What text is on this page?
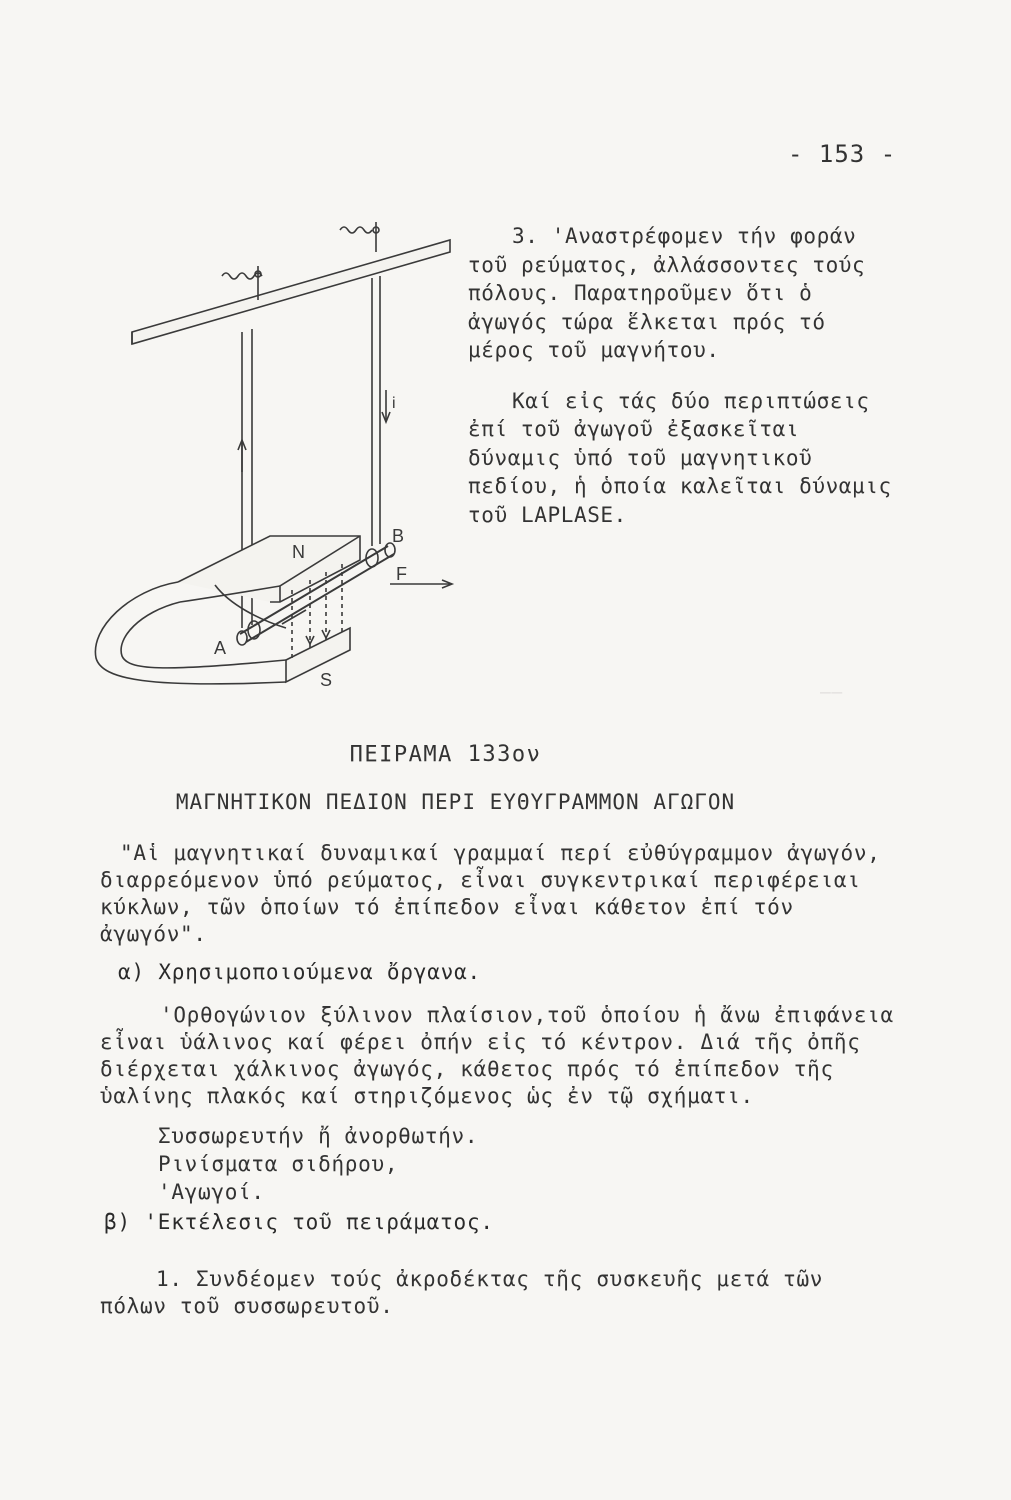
- 153 -
N
S
A
B
F
i

3. 'Αναστρέφομεν τήν φοράν τοῦ ρεύματος, ἀλλάσσοντες τούς πόλους. Παρατηροῦμεν ὅτι ὁ ἀγωγός τώρα ἕλκεται πρός τό μέρος τοῦ μαγνήτου.

Καί εἰς τάς δύο περιπτώσεις ἐπί τοῦ ἀγωγοῦ ἐξασκεῖται δύναμις ὑπό τοῦ μαγνητικοῦ πεδίου, ἡ ὁποία καλεῖται δύναμις τοῦ LAPLASE.

——
ΠΕΙΡΑΜΑ 133ον
ΜΑΓΝΗΤΙΚΟΝ ΠΕΔΙΟΝ ΠΕΡΙ ΕΥΘΥΓΡΑΜΜΟΝ ΑΓΩΓΟΝ

"Αἱ μαγνητικαί δυναμικαί γραμμαί περί εὐθύγραμμον ἀγωγόν, διαρρεόμενον ὑπό ρεύματος, εἶναι συγκεντρικαί περιφέρειαι κύκλων, τῶν ὁποίων τό ἐπίπεδον εἶναι κάθετον ἐπί τόν ἀγωγόν".

α) Χρησιμοποιούμενα ὄργανα.

'Ορθογώνιον ξύλινον πλαίσιον,τοῦ ὁποίου ἡ ἄνω ἐπιφάνεια εἶναι ὑάλινος καί φέρει ὀπήν εἰς τό κέντρον. Διά τῆς ὀπῆς διέρχεται χάλκινος ἀγωγός, κάθετος πρός τό ἐπίπεδον τῆς ὑαλίνης πλακός καί στηριζόμενος ὡς ἐν τῷ σχήματι.

Συσσωρευτήν ἤ ἀνορθωτήν.
Ρινίσματα σιδήρου,
'Αγωγοί.
β) 'Εκτέλεσις τοῦ πειράματος.

1. Συνδέομεν τούς ἀκροδέκτας τῆς συσκευῆς μετά τῶν πόλων τοῦ συσσωρευτοῦ.
